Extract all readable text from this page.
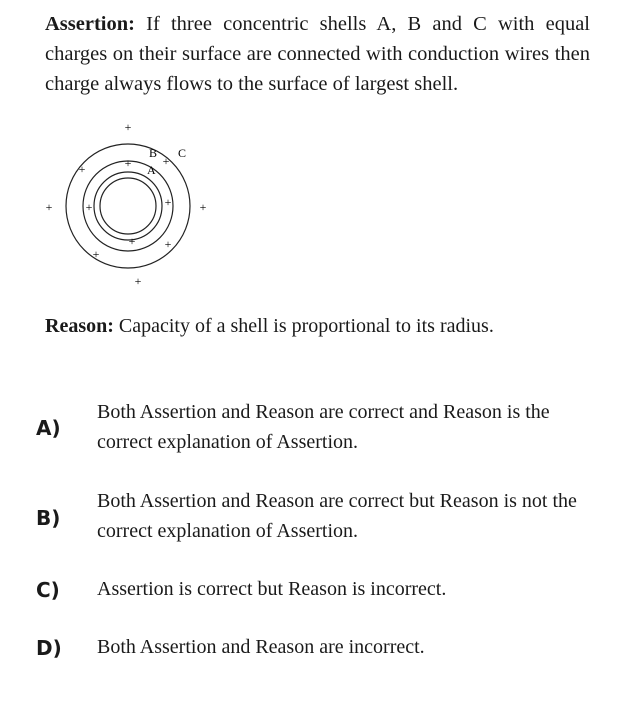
Assertion: If three concentric shells A, B and C with equal charges on their surface are connected with conduction wires then charge always flows to the surface of largest shell.
B
A
C
+
+
+	+
+
+
+
+
+	+
+
+
Reason: Capacity of a shell is proportional to its radius.
A)
Both Assertion and Reason are correct and Reason is the correct explanation of Assertion.
B)
Both Assertion and Reason are correct but Reason is not the correct explanation of Assertion.
C) Assertion is correct but Reason is incorrect.
D) Both Assertion and Reason are incorrect.
